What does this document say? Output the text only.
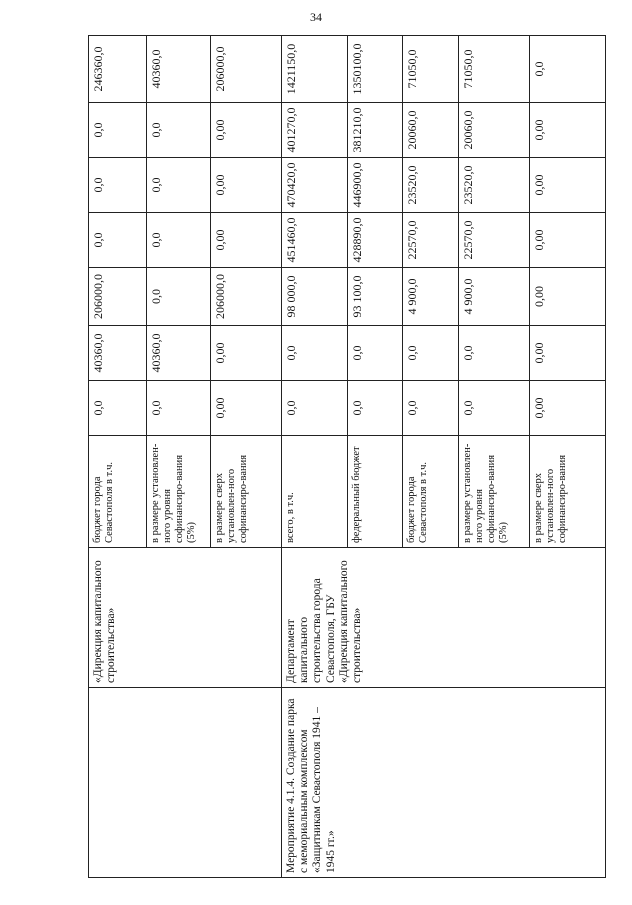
34
	«Дирекция капитального строительства»	бюджет города Севастополя в т.ч.	0,0	40360,0	206000,0	0,0	0,0	0,0	246360,0
		в размере установлен-ного уровня софинансиро-вания (5%)	0,0	40360,0	0,0	0,0	0,0	0,0	40360,0
		в размере сверх установлен-ного софинансиро-вания	0,00	0,00	206000,0	0,00	0,00	0,00	206000,0
Мероприятие 4.1.4. Создание парка с мемориальным комплексом «Защитникам Севастополя 1941 – 1945 гг.»	Департамент капитального строительства города Севастополя, ГБУ «Дирекция капитального строительства»	всего, в т.ч.	0,0	0,0	98 000,0	451460,0	470420,0	401270,0	1421150,0
		федеральный бюджет	0,0	0,0	93 100,0	428890,0	446900,0	381210,0	1350100,0
		бюджет города Севастополя в т.ч.	0,0	0,0	4 900,0	22570,0	23520,0	20060,0	71050,0
		в размере установлен-ного уровня софинансиро-вания (5%)	0,0	0,0	4 900,0	22570,0	23520,0	20060,0	71050,0
		в размере сверх установлен-ного софинансиро-вания	0,00	0,00	0,00	0,00	0,00	0,00	0,0
